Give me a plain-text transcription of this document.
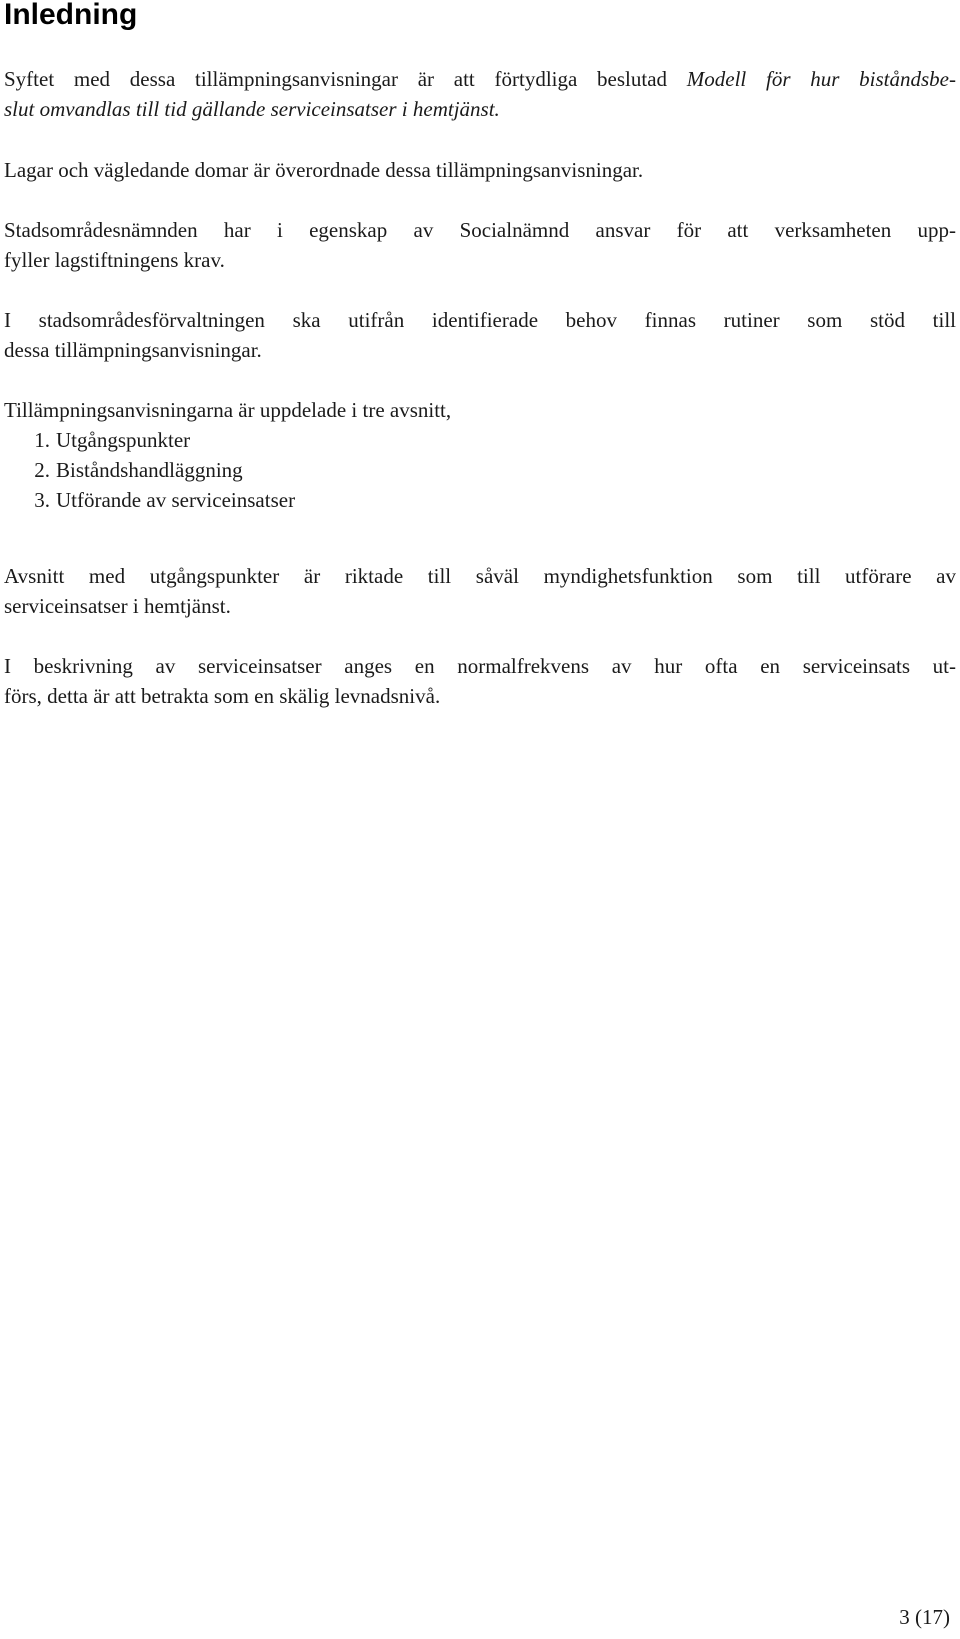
Inledning
Syftet med dessa tillämpningsanvisningar är att förtydliga beslutad Modell för hur biståndsbe-
slut omvandlas till tid gällande serviceinsatser i hemtjänst.
Lagar och vägledande domar är överordnade dessa tillämpningsanvisningar.
Stadsområdesnämnden har i egenskap av Socialnämnd ansvar för att verksamheten upp-
fyller lagstiftningens krav.
I stadsområdesförvaltningen ska utifrån identifierade behov finnas rutiner som stöd till
dessa tillämpningsanvisningar.
Tillämpningsanvisningarna är uppdelade i tre avsnitt,
1. Utgångspunkter
2. Biståndshandläggning
3. Utförande av serviceinsatser
Avsnitt med utgångspunkter är riktade till såväl myndighetsfunktion som till utförare av
serviceinsatser i hemtjänst.
I beskrivning av serviceinsatser anges en normalfrekvens av hur ofta en serviceinsats ut-
förs, detta är att betrakta som en skälig levnadsnivå.
3 (17)
